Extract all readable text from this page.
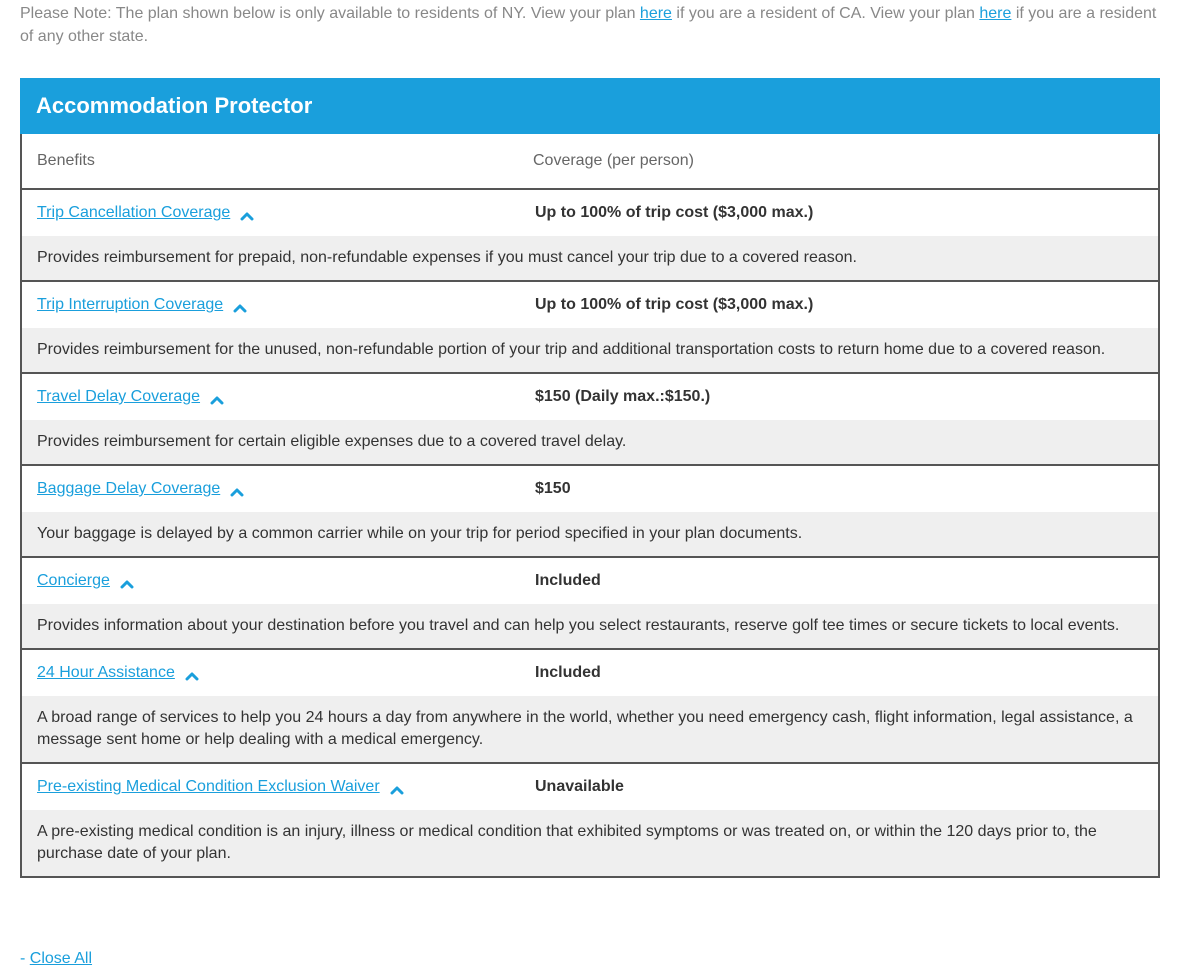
Please Note: The plan shown below is only available to residents of NY. View your plan here if you are a resident of CA. View your plan here if you are a resident of any other state.
Accommodation Protector
Benefits	Coverage (per person)
Trip Cancellation Coverage	Up to 100% of trip cost ($3,000 max.)
Provides reimbursement for prepaid, non-refundable expenses if you must cancel your trip due to a covered reason.
Trip Interruption Coverage	Up to 100% of trip cost ($3,000 max.)
Provides reimbursement for the unused, non-refundable portion of your trip and additional transportation costs to return home due to a covered reason.
Travel Delay Coverage	$150 (Daily max.:$150.)
Provides reimbursement for certain eligible expenses due to a covered travel delay.
Baggage Delay Coverage	$150
Your baggage is delayed by a common carrier while on your trip for period specified in your plan documents.
Concierge	Included
Provides information about your destination before you travel and can help you select restaurants, reserve golf tee times or secure tickets to local events.
24 Hour Assistance	Included
A broad range of services to help you 24 hours a day from anywhere in the world, whether you need emergency cash, flight information, legal assistance, a message sent home or help dealing with a medical emergency.
Pre-existing Medical Condition Exclusion Waiver	Unavailable
A pre-existing medical condition is an injury, illness or medical condition that exhibited symptoms or was treated on, or within the 120 days prior to, the purchase date of your plan.
- Close All
